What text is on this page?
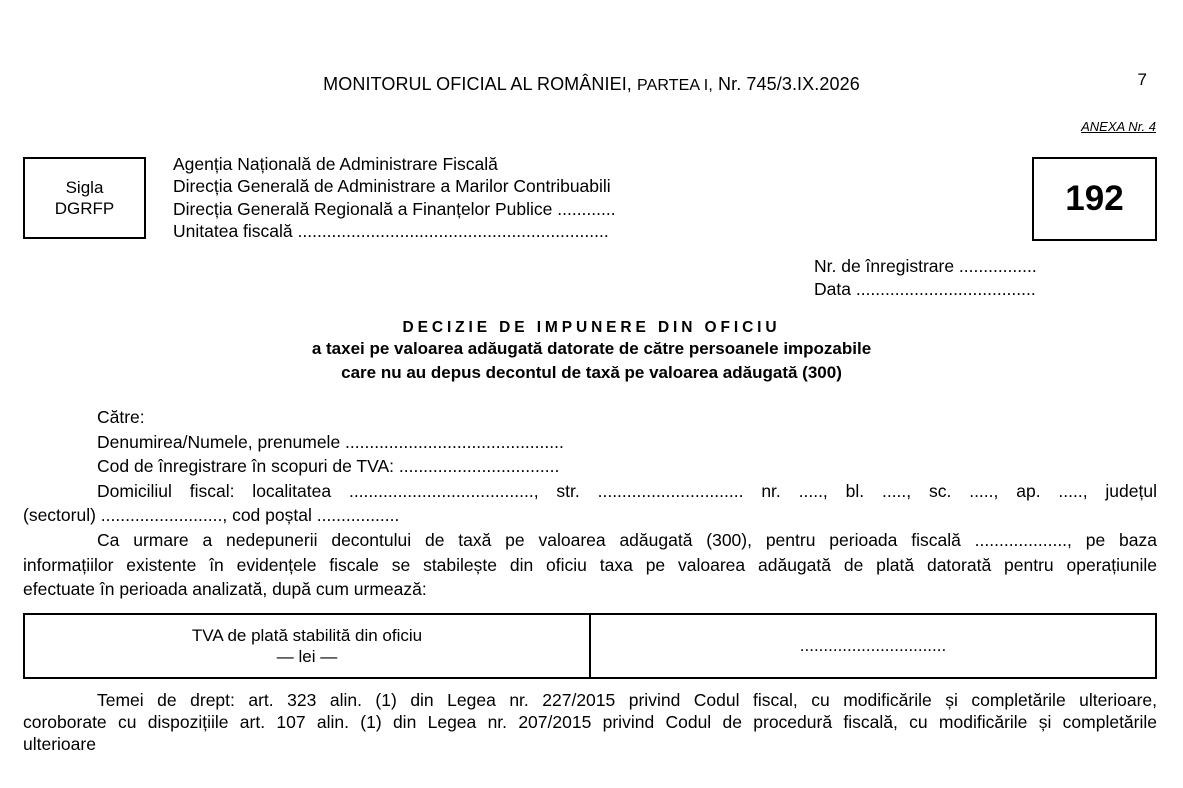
MONITORUL OFICIAL AL ROMÂNIEI, PARTEA I, Nr. 745/3.IX.2026	7
ANEXA Nr. 4
Sigla
DGRFP
Agenția Națională de Administrare Fiscală
Direcția Generală de Administrare a Marilor Contribuabili
Direcția Generală Regională a Finanțelor Publice ............
Unitatea fiscală ................................................................
192
Nr. de înregistrare ................
Data .....................................
DECIZIE DE IMPUNERE DIN OFICIU
a taxei pe valoarea adăugată datorate de către persoanele impozabile
care nu au depus decontul de taxă pe valoarea adăugată (300)
Către:
Denumirea/Numele, prenumele .............................................
Cod de înregistrare în scopuri de TVA: .................................
Domiciliul fiscal: localitatea ......................................, str. .............................. nr. ....., bl. ....., sc. ....., ap. ....., județul
(sectorul) ........................., cod poștal .................
Ca urmare a nedepunerii decontului de taxă pe valoarea adăugată (300), pentru perioada fiscală ..................., pe baza
informațiilor existente în evidențele fiscale se stabilește din oficiu taxa pe valoarea adăugată de plată datorată pentru operațiunile
efectuate în perioada analizată, după cum urmează:
TVA de plată stabilită din oficiu
— lei —
...............................
Temei de drept: art. 323 alin. (1) din Legea nr. 227/2015 privind Codul fiscal, cu modificările și completările ulterioare,
coroborate cu dispozițiile art. 107 alin. (1) din Legea nr. 207/2015 privind Codul de procedură fiscală, cu modificările și completările
ulterioare
